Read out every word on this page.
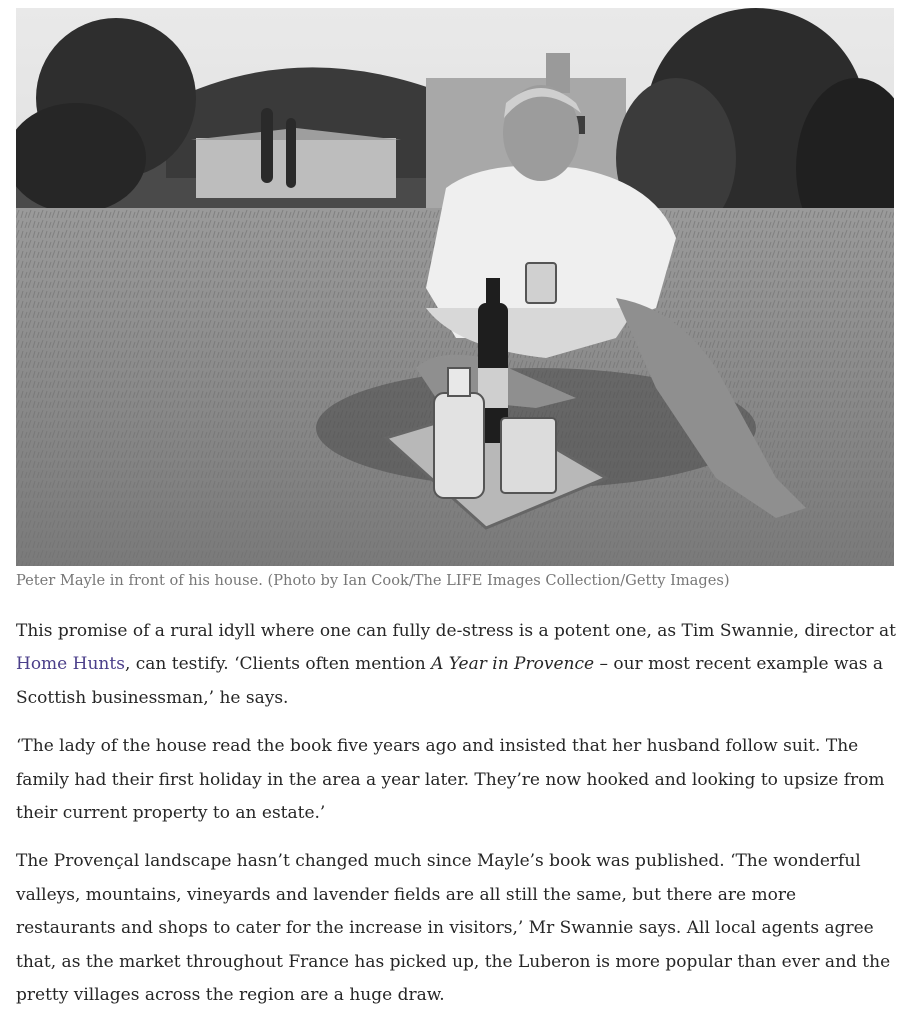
Peter Mayle in front of his house. (Photo by Ian Cook/The LIFE Images Collection/Getty Images)

This promise of a rural idyll where one can fully de-stress is a potent one, as Tim Swannie, director at Home Hunts, can testify. ‘Clients often mention A Year in Provence – our most recent example was a Scottish businessman,’ he says.

‘The lady of the house read the book five years ago and insisted that her husband follow suit. The family had their first holiday in the area a year later. They’re now hooked and looking to upsize from their current property to an estate.’

The Provençal landscape hasn’t changed much since Mayle’s book was published. ‘The wonderful valleys, mountains, vineyards and lavender fields are all still the same, but there are more restaurants and shops to cater for the increase in visitors,’ Mr Swannie says. All local agents agree that, as the market throughout France has picked up, the Luberon is more popular than ever and the pretty villages across the region are a huge draw.
